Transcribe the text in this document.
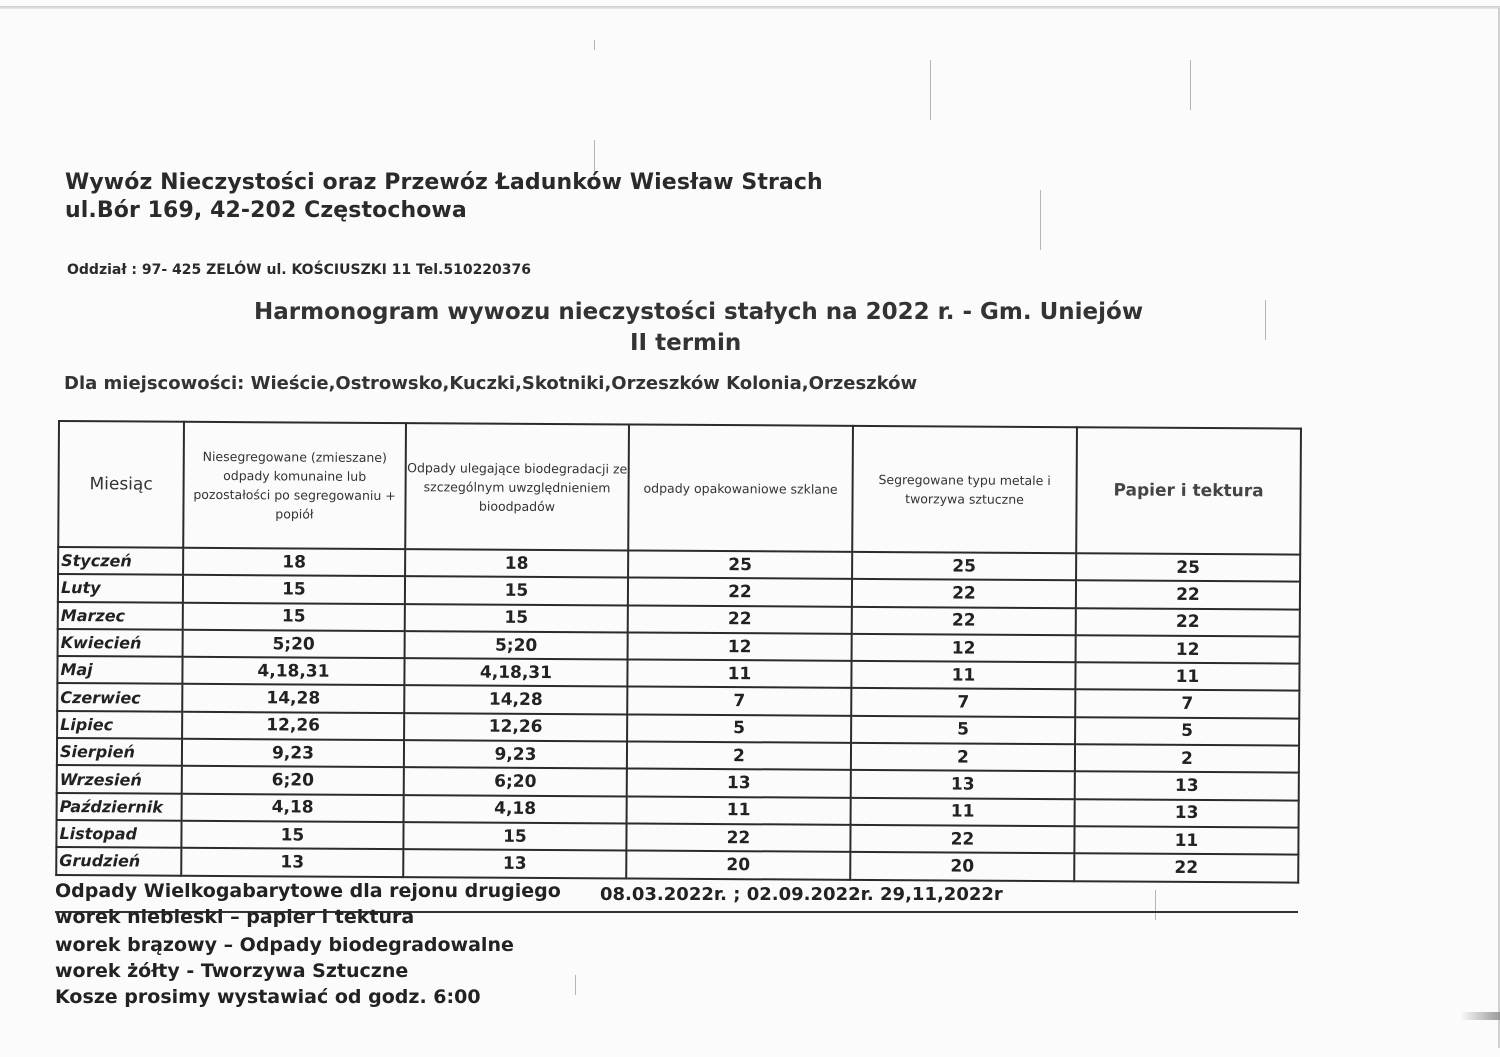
Wywóz Nieczystości oraz Przewóz Ładunków Wiesław Strach
ul.Bór 169, 42-202 Częstochowa
Oddział : 97- 425 ZELÓW ul. KOŚCIUSZKI 11 Tel.510220376
Harmonogram wywozu nieczystości stałych na 2022 r. - Gm. Uniejów
II termin
Dla miejscowości: Wieście,Ostrowsko,Kuczki,Skotniki,Orzeszków Kolonia,Orzeszków
Miesiąc	Niesegregowane (zmieszane) odpady komunaine lub pozostałości po segregowaniu + popiół	Odpady ulegające biodegradacji ze szczególnym uwzględnieniem bioodpadów	odpady opakowaniowe szklane	Segregowane typu metale i tworzywa sztuczne	Papier i tektura
Styczeń	18	18	25	25	25
Luty	15	15	22	22	22
Marzec	15	15	22	22	22
Kwiecień	5;20	5;20	12	12	12
Maj	4,18,31	4,18,31	11	11	11
Czerwiec	14,28	14,28	7	7	7
Lipiec	12,26	12,26	5	5	5
Sierpień	9,23	9,23	2	2	2
Wrzesień	6;20	6;20	13	13	13
Październik	4,18	4,18	11	11	13
Listopad	15	15	22	22	11
Grudzień	13	13	20	20	22
Odpady Wielkogabarytowe dla rejonu drugiego 08.03.2022r. ; 02.09.2022r. 29,11,2022r
worek niebieski – papier i tektura
worek brązowy – Odpady biodegradowalne
worek żółty - Tworzywa Sztuczne
Kosze prosimy wystawiać od godz. 6:00
